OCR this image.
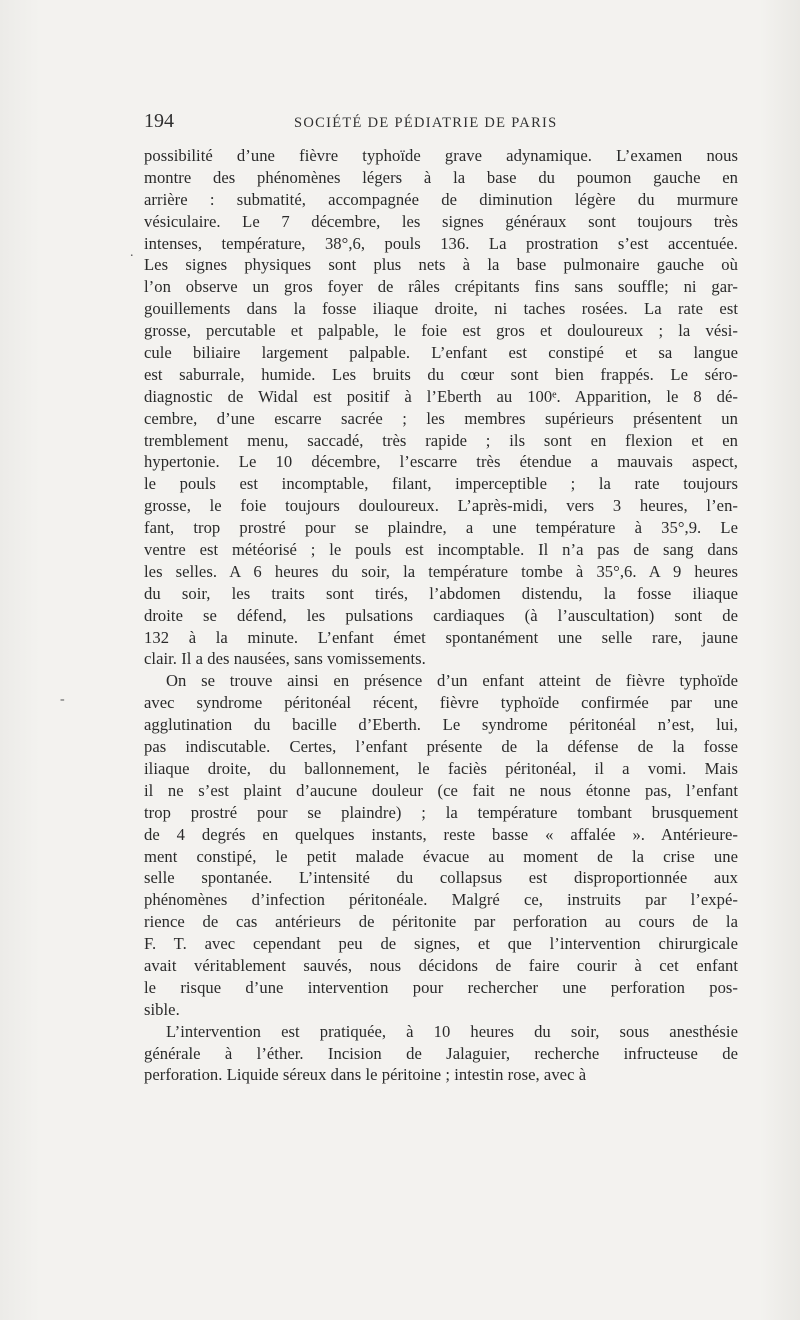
194	SOCIÉTÉ DE PÉDIATRIE DE PARIS
possibilité d’une fièvre typhoïde grave adynamique. L’examen nous
montre des phénomènes légers à la base du poumon gauche en
arrière : submatité, accompagnée de diminution légère du murmure
vésiculaire. Le 7 décembre, les signes généraux sont toujours très
intenses, température, 38°,6, pouls 136. La prostration s’est accentuée.
Les signes physiques sont plus nets à la base pulmonaire gauche où
l’on observe un gros foyer de râles crépitants fins sans souffle; ni gar-
gouillements dans la fosse iliaque droite, ni taches rosées. La rate est
grosse, percutable et palpable, le foie est gros et douloureux ; la vési-
cule biliaire largement palpable. L’enfant est constipé et sa langue
est saburrale, humide. Les bruits du cœur sont bien frappés. Le séro-
diagnostic de Widal est positif à l’Eberth au 100ᵉ. Apparition, le 8 dé-
cembre, d’une escarre sacrée ; les membres supérieurs présentent un
tremblement menu, saccadé, très rapide ; ils sont en flexion et en
hypertonie. Le 10 décembre, l’escarre très étendue a mauvais aspect,
le pouls est incomptable, filant, imperceptible ; la rate toujours
grosse, le foie toujours douloureux. L’après-midi, vers 3 heures, l’en-
fant, trop prostré pour se plaindre, a une température à 35°,9. Le
ventre est météorisé ; le pouls est incomptable. Il n’a pas de sang dans
les selles. A 6 heures du soir, la température tombe à 35°,6. A 9 heures
du soir, les traits sont tirés, l’abdomen distendu, la fosse iliaque
droite se défend, les pulsations cardiaques (à l’auscultation) sont de
132 à la minute. L’enfant émet spontanément une selle rare, jaune
clair. Il a des nausées, sans vomissements.
On se trouve ainsi en présence d’un enfant atteint de fièvre typhoïde
avec syndrome péritonéal récent, fièvre typhoïde confirmée par une
agglutination du bacille d’Eberth. Le syndrome péritonéal n’est, lui,
pas indiscutable. Certes, l’enfant présente de la défense de la fosse
iliaque droite, du ballonnement, le faciès péritonéal, il a vomi. Mais
il ne s’est plaint d’aucune douleur (ce fait ne nous étonne pas, l’enfant
trop prostré pour se plaindre) ; la température tombant brusquement
de 4 degrés en quelques instants, reste basse « affalée ». Antérieure-
ment constipé, le petit malade évacue au moment de la crise une
selle spontanée. L’intensité du collapsus est disproportionnée aux
phénomènes d’infection péritonéale. Malgré ce, instruits par l’expé-
rience de cas antérieurs de péritonite par perforation au cours de la
F. T. avec cependant peu de signes, et que l’intervention chirurgicale
avait véritablement sauvés, nous décidons de faire courir à cet enfant
le risque d’une intervention pour rechercher une perforation pos-
sible.
L’intervention est pratiquée, à 10 heures du soir, sous anesthésie
générale à l’éther. Incision de Jalaguier, recherche infructeuse de
perforation. Liquide séreux dans le péritoine ; intestin rose, avec à
.
-
